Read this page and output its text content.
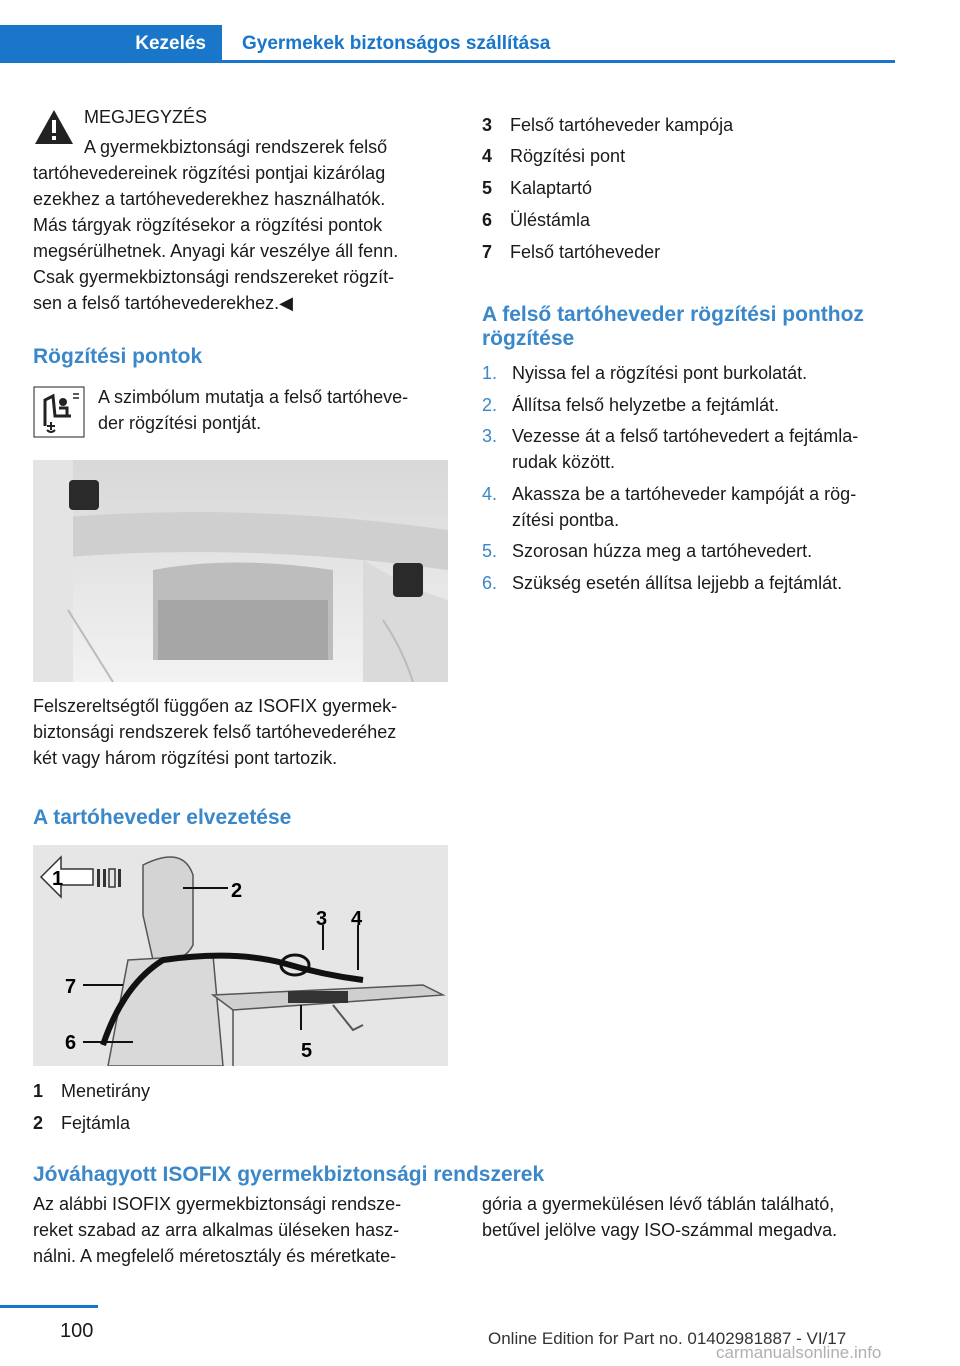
Kezelés Gyermekek biztonságos szállítása

MEGJEGYZÉS

A gyermekbiztonsági rendszerek felső

tartóhevedereinek rögzítési pontjai kizárólag

ezekhez a tartóhevederekhez használhatók.

Más tárgyak rögzítésekor a rögzítési pontok

megsérülhetnek. Anyagi kár veszélye áll fenn.

Csak gyermekbiztonsági rendszereket rögzít‐

sen a felső tartóhevederekhez.◀

Rögzítési pontok

A szimbólum mutatja a felső tartóheve‐

der rögzítési pontját.

Felszereltségtől függően az ISOFIX gyermek‐

biztonsági rendszerek felső tartóhevederéhez

két vagy három rögzítési pont tartozik.

A tartóheveder elvezetése
1
2
3 4
5
6
7
1 Menetirány
2 Fejtámla
3 Felső tartóheveder kampója
4 Rögzítési pont
5 Kalaptartó
6 Üléstámla
7 Felső tartóheveder
A felső tartóheveder rögzítési ponthoz
rögzítése
1. Nyissa fel a rögzítési pont burkolatát.
2. Állítsa felső helyzetbe a fejtámlát.
3. Vezesse át a felső tartóhevedert a fejtámla‐

rudak között.

4. Akassza be a tartóheveder kampóját a rög‐

zítési pontba.

5. Szorosan húzza meg a tartóhevedert.
6. Szükség esetén állítsa lejjebb a fejtámlát.
Jóváhagyott ISOFIX gyermekbiztonsági rendszerek

Az alábbi ISOFIX gyermekbiztonsági rendsze‐

reket szabad az arra alkalmas üléseken hasz‐

nálni. A megfelelő méretosztály és méretkate‐

gória a gyermekülésen lévő táblán található,

betűvel jelölve vagy ISO-számmal megadva.

100	Online Edition for Part no. 01402981887 - VI/17

carmanualsonline.info
